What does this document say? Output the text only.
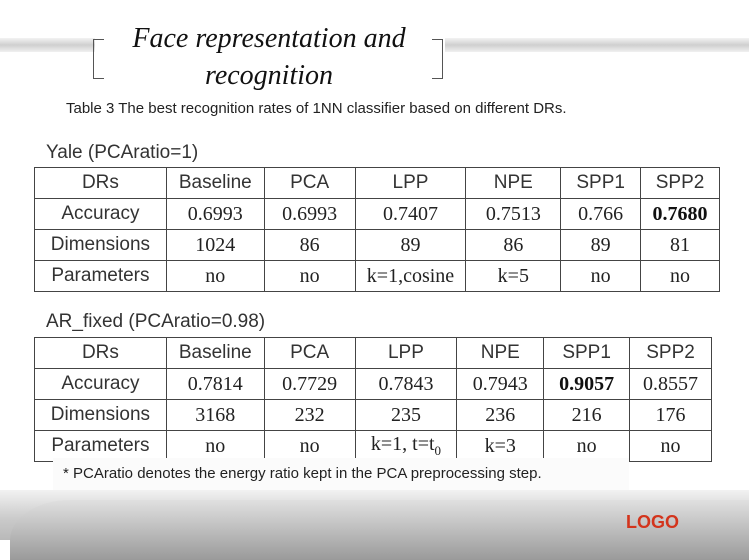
Face representation and
recognition
Table 3 The best recognition rates of 1NN classifier based on different DRs.
Yale (PCAratio=1)
DRs	Baseline	PCA	LPP	NPE	SPP1	SPP2
Accuracy	0.6993	0.6993	0.7407	0.7513	0.766	0.7680
Dimensions	1024	86	89	86	89	81
Parameters	no	no	k=1,cosine	k=5	no	no
AR_fixed (PCAratio=0.98)
DRs	Baseline	PCA	LPP	NPE	SPP1	SPP2
Accuracy	0.7814	0.7729	0.7843	0.7943	0.9057	0.8557
Dimensions	3168	232	235	236	216	176
Parameters	no	no	k=1, $t=t_0$	k=3	no	no
* PCAratio denotes the energy ratio kept in the PCA preprocessing step.
LOGO
